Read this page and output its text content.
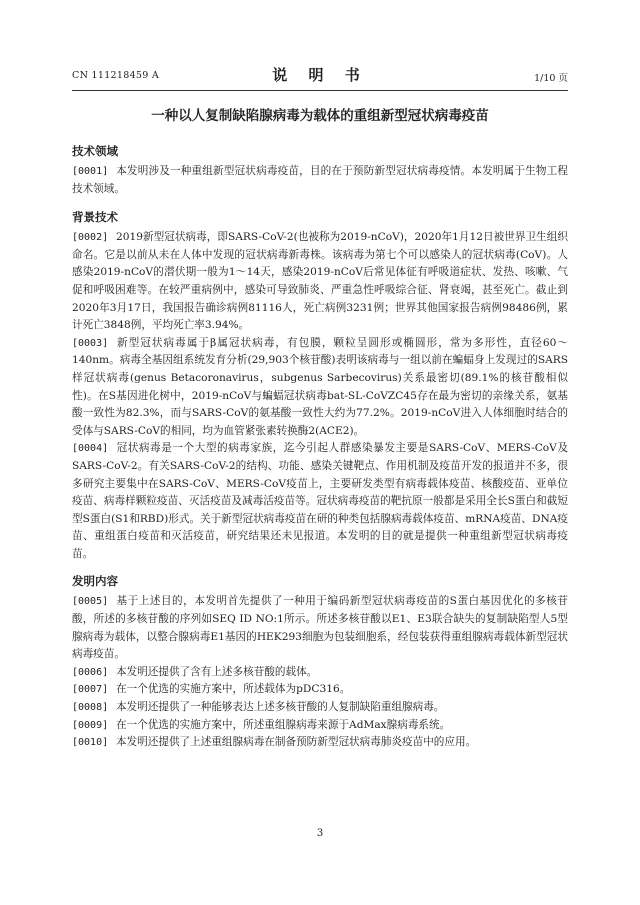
CN 111218459 A	说 明 书	1/10 页
一种以人复制缺陷腺病毒为载体的重组新型冠状病毒疫苗
技术领域

[0001] 本发明涉及一种重组新型冠状病毒疫苗，目的在于预防新型冠状病毒疫情。本发明属于生物工程技术领域。

背景技术

[0002] 2019新型冠状病毒，即SARS-CoV-2(也被称为2019-nCoV)，2020年1月12日被世界卫生组织命名。它是以前从未在人体中发现的冠状病毒新毒株。该病毒为第七个可以感染人的冠状病毒(CoV)。人感染2019-nCoV的潜伏期一般为1～14天，感染2019-nCoV后常见体征有呼吸道症状、发热、咳嗽、气促和呼吸困难等。在较严重病例中，感染可导致肺炎、严重急性呼吸综合征、肾衰竭，甚至死亡。截止到2020年3月17日，我国报告确诊病例81116人，死亡病例3231例；世界其他国家报告病例98486例，累计死亡3848例，平均死亡率3.94%。

[0003] 新型冠状病毒属于β属冠状病毒，有包膜，颗粒呈圆形或椭圆形，常为多形性，直径60～140nm。病毒全基因组系统发育分析(29,903个核苷酸)表明该病毒与一组以前在蝙蝠身上发现过的SARS样冠状病毒(genus Betacoronavirus，subgenus Sarbecovirus)关系最密切(89.1%的核苷酸相似性)。在S基因进化树中，2019-nCoV与蝙蝠冠状病毒bat-SL-CoVZC45存在最为密切的亲缘关系，氨基酸一致性为82.3%，而与SARS-CoV的氨基酸一致性大约为77.2%。2019-nCoV进入人体细胞时结合的受体与SARS-CoV的相同，均为血管紧张素转换酶2(ACE2)。

[0004] 冠状病毒是一个大型的病毒家族，迄今引起人群感染暴发主要是SARS-CoV、MERS-CoV及SARS-CoV-2。有关SARS-CoV-2的结构、功能、感染关键靶点、作用机制及疫苗开发的报道并不多，很多研究主要集中在SARS-CoV、MERS-CoV疫苗上，主要研发类型有病毒载体疫苗、核酸疫苗、亚单位疫苗、病毒样颗粒疫苗、灭活疫苗及减毒活疫苗等。冠状病毒疫苗的靶抗原一般都是采用全长S蛋白和截短型S蛋白(S1和RBD)形式。关于新型冠状病毒疫苗在研的种类包括腺病毒载体疫苗、mRNA疫苗、DNA疫苗、重组蛋白疫苗和灭活疫苗，研究结果还未见报道。本发明的目的就是提供一种重组新型冠状病毒疫苗。

发明内容

[0005] 基于上述目的，本发明首先提供了一种用于编码新型冠状病毒疫苗的S蛋白基因优化的多核苷酸，所述的多核苷酸的序列如SEQ ID NO:1所示。所述多核苷酸以E1、E3联合缺失的复制缺陷型人5型腺病毒为载体，以整合腺病毒E1基因的HEK293细胞为包装细胞系，经包装获得重组腺病毒载体新型冠状病毒疫苗。

[0006] 本发明还提供了含有上述多核苷酸的载体。

[0007] 在一个优选的实施方案中，所述载体为pDC316。

[0008] 本发明还提供了一种能够表达上述多核苷酸的人复制缺陷重组腺病毒。

[0009] 在一个优选的实施方案中，所述重组腺病毒来源于AdMax腺病毒系统。

[0010] 本发明还提供了上述重组腺病毒在制备预防新型冠状病毒肺炎疫苗中的应用。

3
